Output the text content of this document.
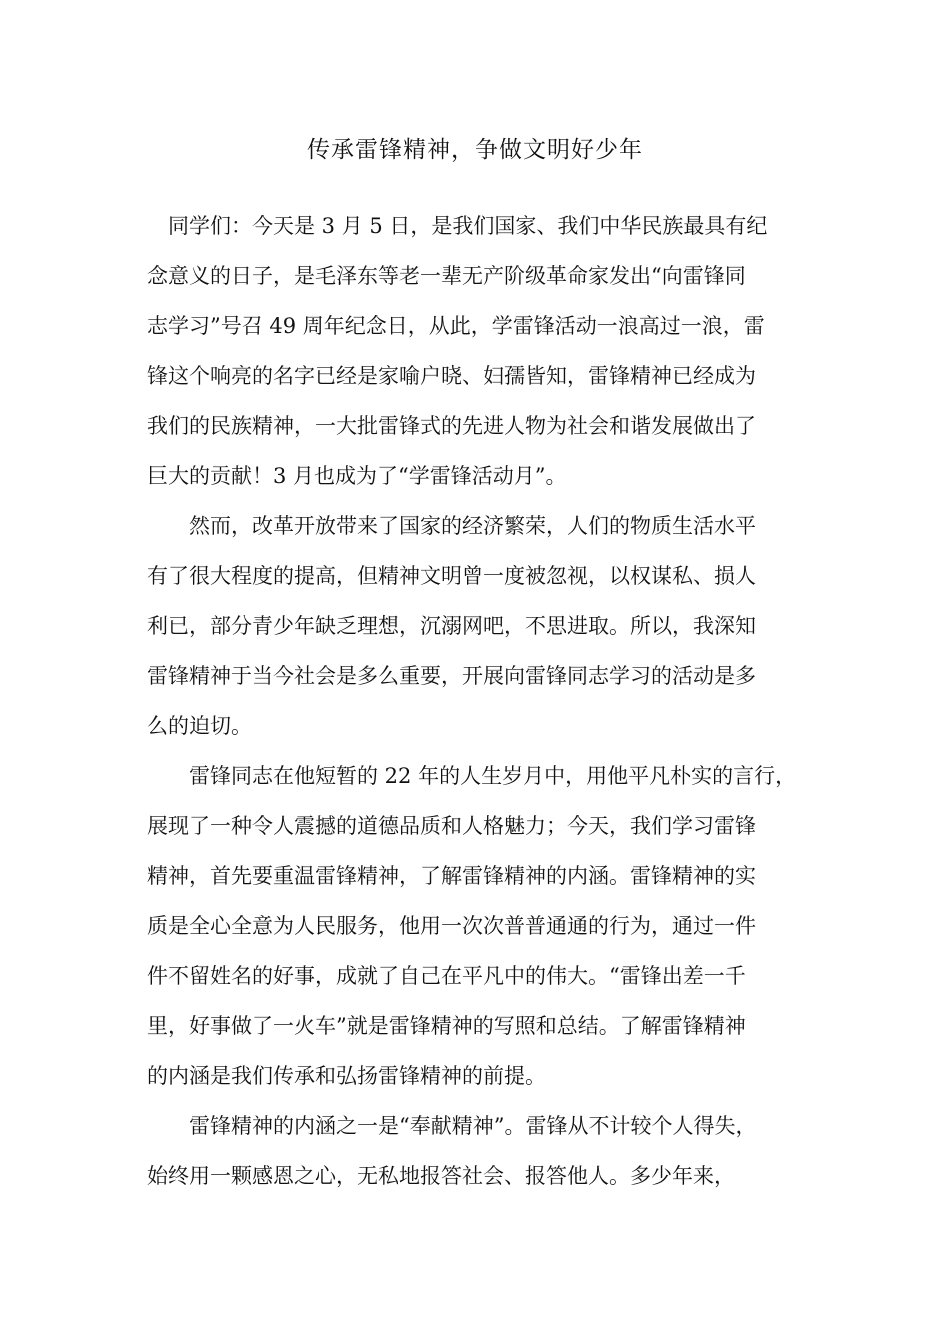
传承雷锋精神，争做文明好少年
　同学们：今天是 3 月 5 日，是我们国家、我们中华民族最具有纪
念意义的日子，是毛泽东等老一辈无产阶级革命家发出“向雷锋同
志学习”号召 49 周年纪念日，从此，学雷锋活动一浪高过一浪，雷
锋这个响亮的名字已经是家喻户晓、妇孺皆知，雷锋精神已经成为
我们的民族精神，一大批雷锋式的先进人物为社会和谐发展做出了
巨大的贡献！3 月也成为了“学雷锋活动月”。
　　然而，改革开放带来了国家的经济繁荣，人们的物质生活水平
有了很大程度的提高，但精神文明曾一度被忽视，以权谋私、损人
利已，部分青少年缺乏理想，沉溺网吧，不思进取。所以，我深知
雷锋精神于当今社会是多么重要，开展向雷锋同志学习的活动是多
么的迫切。
　　雷锋同志在他短暂的 22 年的人生岁月中，用他平凡朴实的言行，
展现了一种令人震撼的道德品质和人格魅力；今天，我们学习雷锋
精神，首先要重温雷锋精神，了解雷锋精神的内涵。雷锋精神的实
质是全心全意为人民服务，他用一次次普普通通的行为，通过一件
件不留姓名的好事，成就了自己在平凡中的伟大。“雷锋出差一千
里，好事做了一火车”就是雷锋精神的写照和总结。了解雷锋精神
的内涵是我们传承和弘扬雷锋精神的前提。
　　雷锋精神的内涵之一是“奉献精神”。雷锋从不计较个人得失，
始终用一颗感恩之心，无私地报答社会、报答他人。多少年来，
